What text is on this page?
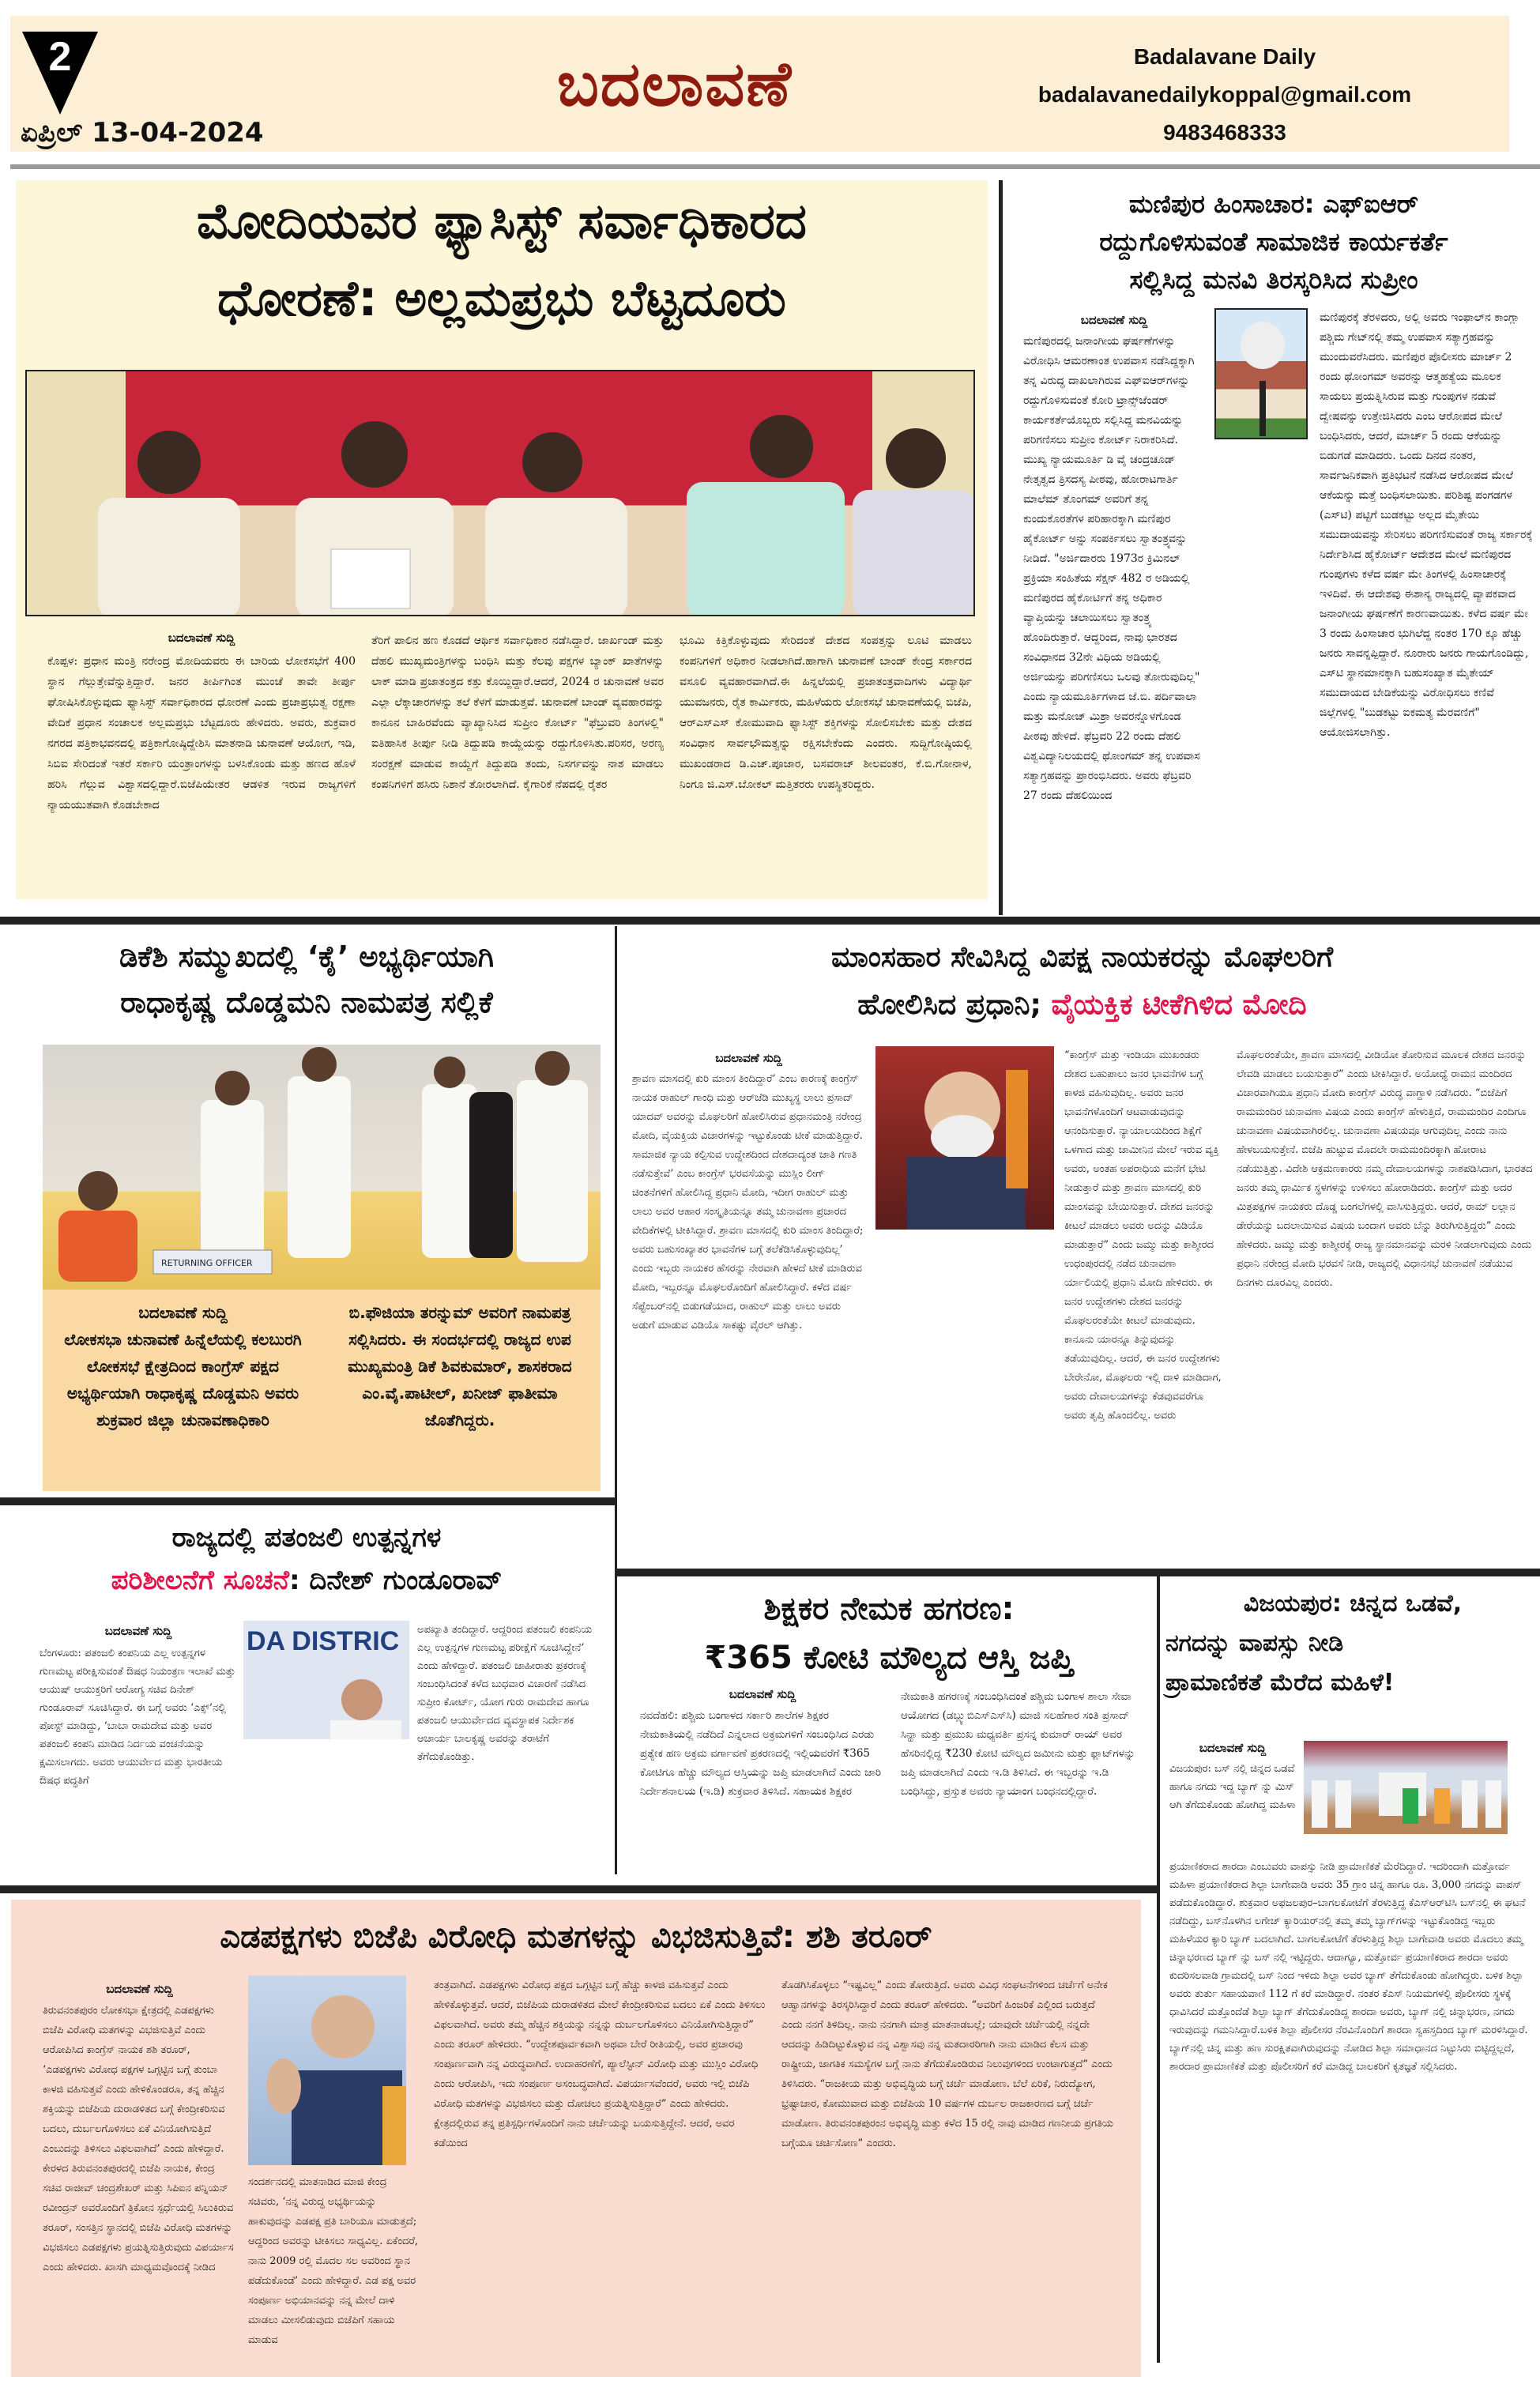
2
ಏಪ್ರಿಲ್ 13-04-2024
ಬದಲಾವಣೆ	Badalavane Daily
badalavanedailykoppal@gmail.com
9483468333
ಮೋದಿಯವರ ಫ್ಯಾಸಿಸ್ಟ್ ಸರ್ವಾಧಿಕಾರದ
ಧೋರಣೆ: ಅಲ್ಲಮಪ್ರಭು ಬೆಟ್ಟದೂರು
ಬದಲಾವಣೆ ಸುದ್ದಿ
ಕೊಪ್ಪಳ: ಪ್ರಧಾನ ಮಂತ್ರಿ ನರೇಂದ್ರ ಮೋದಿಯವರು ಈ ಬಾರಿಯ ಲೋಕಸಭೆಗೆ 400 ಸ್ಥಾನ ಗೆಲ್ಲುತ್ತೇವೆನ್ನುತ್ತಿದ್ದಾರೆ. ಜನರ ತೀರ್ಪಿಗಿಂತ ಮುಂಚೆ ತಾವೇ ತೀರ್ಪು ಘೋಷಿಸಿಕೊಳ್ಳುವುದು ಫ್ಯಾಸಿಸ್ಟ್ ಸರ್ವಾಧಿಕಾರದ ಧೋರಣೆ ಎಂದು ಪ್ರಜಾಪ್ರಭುತ್ವ ರಕ್ಷಣಾ ವೇದಿಕೆ ಪ್ರಧಾನ ಸಂಚಾಲಕ ಅಲ್ಲಮಪ್ರಭು ಬೆಟ್ಟದೂರು ಹೇಳಿದರು. ಅವರು, ಶುಕ್ರವಾರ ನಗರದ ಪತ್ರಿಕಾಭವನದಲ್ಲಿ ಪತ್ರಿಕಾಗೋಷ್ಠಿದ್ದೇಶಿಸಿ ಮಾತನಾಡಿ ಚುನಾವಣೆ ಆಯೋಗ, ಇಡಿ, ಸಿಬಿಐ ಸೇರಿದಂತೆ ಇತರೆ ಸರ್ಕಾರಿ ಯಂತ್ರಾಂಗಳನ್ನು ಬಳಸಿಕೊಂಡು ಮತ್ತು ಹಣದ ಹೊಳೆ ಹರಿಸಿ ಗೆಲ್ಲುವ ವಿಶ್ವಾಸದಲ್ಲಿದ್ದಾರೆ.ಬಿಜೆಪಿಯೇತರ ಆಡಳಿತ ಇರುವ ರಾಜ್ಯಗಳಿಗೆ ನ್ಯಾಯಯುತವಾಗಿ ಕೊಡಬೇಕಾದ
ತೆರಿಗೆ ಪಾಲಿನ ಹಣ ಕೊಡದೆ ಆರ್ಥಿಕ ಸರ್ವಾಧಿಕಾರ ನಡೆಸಿದ್ದಾರೆ. ಜಾರ್ಖಂಡ್ ಮತ್ತು ದೆಹಲಿ ಮುಖ್ಯಮಂತ್ರಿಗಳನ್ನು ಬಂಧಿಸಿ ಮತ್ತು ಕೆಲವು ಪಕ್ಷಗಳ ಬ್ಯಾಂಕ್ ಖಾತೆಗಳನ್ನು ಲಾಕ್ ಮಾಡಿ ಪ್ರಜಾತಂತ್ರದ ಕತ್ತು ಕೊಯ್ದಿದ್ದಾರೆ.ಆದರೆ, 2024 ರ ಚುನಾವಣೆ ಅವರ ಎಲ್ಲಾ ಲೆಕ್ಕಾಚಾರಗಳನ್ನು ತಲೆ ಕೆಳಗೆ ಮಾಡುತ್ತವೆ. ಚುನಾವಣೆ ಬಾಂಡ್ ವ್ಯವಹಾರವನ್ನು ಕಾನೂನ ಬಾಹಿರವೆಂದು ವ್ಯಾಖ್ಯಾನಿಸಿದ ಸುಪ್ರೀಂ ಕೋರ್ಟ್ "ಫೆಬ್ರುವರಿ ತಿಂಗಳಲ್ಲಿ" ಐತಿಹಾಸಿಕ ತೀರ್ಪು ನೀಡಿ ತಿದ್ದುಪಡಿ ಕಾಯ್ದೆಯನ್ನು ರದ್ದುಗೊಳಿಸಿತು.ಪರಿಸರ, ಅರಣ್ಯ ಸಂರಕ್ಷಣೆ ಮಾಡುವ ಕಾಯ್ದೆಗೆ ತಿದ್ದುಪಡಿ ತಂದು, ನಿಸರ್ಗವನ್ನು ನಾಶ ಮಾಡಲು ಕಂಪನಿಗಳಿಗೆ ಹಸಿರು ನಿಶಾನೆ ತೋರಲಾಗಿದೆ. ಕೈಗಾರಿಕೆ ನೆಪದಲ್ಲಿ ರೈತರ
ಭೂಮಿ ಕಿತ್ತಿಕೊಳ್ಳುವುದು ಸೇರಿದಂತೆ ದೇಶದ ಸಂಪತ್ತನ್ನು ಲೂಟಿ ಮಾಡಲು ಕಂಪನಿಗಳಿಗೆ ಅಧಿಕಾರ ನೀಡಲಾಗಿದೆ.ಹಾಗಾಗಿ ಚುನಾವಣೆ ಬಾಂಡ್ ಕೇಂದ್ರ ಸರ್ಕಾರದ ವಸೂಲಿ ವ್ಯವಹಾರವಾಗಿದೆ.ಈ ಹಿನ್ನಲೆಯಲ್ಲಿ ಪ್ರಜಾತಂತ್ರವಾದಿಗಳು ವಿದ್ಯಾರ್ಥಿ ಯುವಜನರು, ರೈತ ಕಾರ್ಮಿಕರು, ಮಹಿಳೆಯರು ಲೋಕಸಭೆ ಚುನಾವಣೆಯಲ್ಲಿ ಬಿಜೆಪಿ, ಆರ್‌ಎಸ್‌ಎಸ್ ಕೋಮುವಾದಿ ಫ್ಯಾಸಿಸ್ಟ್ ಶಕ್ತಿಗಳನ್ನು ಸೋಲಿಸಬೇಕು ಮತ್ತು ದೇಶದ ಸಂವಿಧಾನ ಸಾರ್ವಭೌಮತ್ವನ್ನು ರಕ್ಷಿಸಬೇಕೆಂದು ಎಂದರು. ಸುದ್ದಿಗೋಷ್ಠಿಯಲ್ಲಿ ಮುಖಂಡರಾದ ಡಿ.ಎಚ್.ಪೂಜಾರ, ಬಸವರಾಜ್ ಶೀಲವಂತರ, ಕೆ.ಬಿ.ಗೋನಾಳ, ನಿಂಗೂ ಜಿ.ಎಸ್.ಬೋಕಲ್ ಮತ್ತಿತರರು ಉಪಸ್ಥಿತರಿದ್ದರು.
ಮಣಿಪುರ ಹಿಂಸಾಚಾರ: ಎಫ್ಐಆರ್
ರದ್ದುಗೊಳಿಸುವಂತೆ ಸಾಮಾಜಿಕ ಕಾರ್ಯಕರ್ತೆ
ಸಲ್ಲಿಸಿದ್ದ ಮನವಿ ತಿರಸ್ಕರಿಸಿದ ಸುಪ್ರೀಂ
ಬದಲಾವಣೆ ಸುದ್ದಿ
ಮಣಿಪುರದಲ್ಲಿ ಜನಾಂಗೀಯ ಘರ್ಷಣೆಗಳನ್ನು ವಿರೋಧಿಸಿ ಆಮರಣಾಂತ ಉಪವಾಸ ನಡೆಸಿದ್ದಕ್ಕಾಗಿ ತನ್ನ ವಿರುದ್ಧ ದಾಖಲಾಗಿರುವ ಎಫ್‌ಐಆರ್‌ಗಳನ್ನು ರದ್ದುಗೊಳಿಸುವಂತೆ ಕೋರಿ ಟ್ರಾನ್ಸ್‌ಜೆಂಡರ್ ಕಾರ್ಯಕರ್ತೆಯೊಬ್ಬರು ಸಲ್ಲಿಸಿದ್ದ ಮನವಿಯನ್ನು ಪರಿಗಣಿಸಲು ಸುಪ್ರೀಂ ಕೋರ್ಟ್ ನಿರಾಕರಿಸಿದೆ. ಮುಖ್ಯ ನ್ಯಾಯಮೂರ್ತಿ ಡಿ ವೈ ಚಂದ್ರಚೂಡ್ ನೇತೃತ್ವದ ತ್ರಿಸದಸ್ಯ ಪೀಠವು, ಹೋರಾಟಗಾರ್ತಿ ಮಾಲೆಮ್ ತೊಂಗಮ್ ಅವರಿಗೆ ತನ್ನ ಕುಂದುಕೊರತೆಗಳ ಪರಿಹಾರಕ್ಕಾಗಿ ಮಣಿಪುರ ಹೈಕೋರ್ಟ್ ಅನ್ನು ಸಂಪರ್ಕಿಸಲು ಸ್ವಾತಂತ್ರ್ಯವನ್ನು ನೀಡಿದೆ. "ಅರ್ಜಿದಾರರು 1973ರ ಕ್ರಿಮಿನಲ್ ಪ್ರಕ್ರಿಯಾ ಸಂಹಿತೆಯ ಸೆಕ್ಷನ್ 482 ರ ಅಡಿಯಲ್ಲಿ ಮಣಿಪುರದ ಹೈಕೋರ್ಟಿಗೆ ತನ್ನ ಅಧಿಕಾರ ವ್ಯಾಪ್ತಿಯನ್ನು ಚಲಾಯಿಸಲು ಸ್ವಾತಂತ್ರ್ಯ ಹೊಂದಿರುತ್ತಾರೆ. ಆದ್ದರಿಂದ, ನಾವು ಭಾರತದ ಸಂವಿಧಾನದ 32ನೇ ವಿಧಿಯ ಅಡಿಯಲ್ಲಿ ಅರ್ಜಿಯನ್ನು ಪರಿಗಣಿಸಲು ಒಲವು ತೋರುವುದಿಲ್ಲ" ಎಂದು ನ್ಯಾಯಮೂರ್ತಿಗಳಾದ ಜೆ.ಬಿ. ಪರ್ದಿವಾಲಾ ಮತ್ತು ಮನೋಜ್ ಮಿಶ್ರಾ ಅವರನ್ನೊಳಗೊಂಡ ಪೀಠವು ಹೇಳಿದೆ. ಫೆಬ್ರವರಿ 22 ರಂದು ದೆಹಲಿ ವಿಶ್ವವಿದ್ಯಾನಿಲಯದಲ್ಲಿ ಥೋಂಗಮ್ ತನ್ನ ಉಪವಾಸ ಸತ್ಯಾಗ್ರಹವನ್ನು ಪ್ರಾರಂಭಿಸಿದರು. ಅವರು ಫೆಬ್ರವರಿ 27 ರಂದು ದೆಹಲಿಯಿಂದ
ಮಣಿಪುರಕ್ಕೆ ತೆರಳಿದರು, ಅಲ್ಲಿ ಅವರು ಇಂಫಾಲ್‌ನ ಕಾಂಗ್ಲಾ ಪಶ್ಚಿಮ ಗೇಟ್‌ನಲ್ಲಿ ತಮ್ಮ ಉಪವಾಸ ಸತ್ಯಾಗ್ರಹವನ್ನು ಮುಂದುವರೆಸಿದರು. ಮಣಿಪುರ ಪೊಲೀಸರು ಮಾರ್ಚ್ 2 ರಂದು ಥೋಂಗಮ್ ಅವರನ್ನು ಆತ್ಮಹತ್ಯೆಯ ಮೂಲಕ ಸಾಯಲು ಪ್ರಯತ್ನಿಸಿರುವ ಮತ್ತು ಗುಂಪುಗಳ ನಡುವೆ ದ್ವೇಷವನ್ನು ಉತ್ತೇಜಿಸಿದರು ಎಂಬ ಆರೋಪದ ಮೇಲೆ ಬಂಧಿಸಿದರು, ಆದರೆ, ಮಾರ್ಚ್ 5 ರಂದು ಆಕೆಯನ್ನು ಬಿಡುಗಡೆ ಮಾಡಿದರು. ಒಂದು ದಿನದ ನಂತರ, ಸಾರ್ವಜನಿಕವಾಗಿ ಪ್ರತಿಭಟನೆ ನಡೆಸಿದ ಆರೋಪದ ಮೇಲೆ ಆಕೆಯನ್ನು ಮತ್ತೆ ಬಂಧಿಸಲಾಯಿತು. ಪರಿಶಿಷ್ಟ ಪಂಗಡಗಳ (ಎಸ್‌ಟಿ) ಪಟ್ಟಿಗೆ ಬುಡಕಟ್ಟು ಅಲ್ಲದ ಮೈತೇಯಿ ಸಮುದಾಯವನ್ನು ಸೇರಿಸಲು ಪರಿಗಣಿಸುವಂತೆ ರಾಜ್ಯ ಸರ್ಕಾರಕ್ಕೆ ನಿರ್ದೇಶಿಸಿದ ಹೈಕೋರ್ಟ್ ಆದೇಶದ ಮೇಲೆ ಮಣಿಪುರದ ಗುಂಪುಗಳು ಕಳೆದ ವರ್ಷ ಮೇ ತಿಂಗಳಲ್ಲಿ ಹಿಂಸಾಚಾರಕ್ಕೆ ಇಳಿದಿವೆ. ಈ ಆದೇಶವು ಈಶಾನ್ಯ ರಾಜ್ಯದಲ್ಲಿ ವ್ಯಾಪಕವಾದ ಜನಾಂಗೀಯ ಘರ್ಷಣೆಗೆ ಕಾರಣವಾಯಿತು. ಕಳೆದ ವರ್ಷ ಮೇ 3 ರಂದು ಹಿಂಸಾಚಾರ ಭುಗಿಲೆದ್ದ ನಂತರ 170 ಕ್ಕೂ ಹೆಚ್ಚು ಜನರು ಸಾವನ್ನಪ್ಪಿದ್ದಾರೆ. ನೂರಾರು ಜನರು ಗಾಯಗೊಂಡಿದ್ದು, ಎಸ್‌ಟಿ ಸ್ಥಾನಮಾನಕ್ಕಾಗಿ ಬಹುಸಂಖ್ಯಾತ ಮೈತೇಯ್ ಸಮುದಾಯದ ಬೇಡಿಕೆಯನ್ನು ವಿರೋಧಿಸಲು ಕಣಿವೆ ಜಿಲ್ಲೆಗಳಲ್ಲಿ "ಬುಡಕಟ್ಟು ಐಕಮತ್ಯ ಮೆರವಣಿಗೆ" ಆಯೋಜಿಸಲಾಗಿತ್ತು.
ಡಿಕೆಶಿ ಸಮ್ಮುಖದಲ್ಲಿ ‘ಕೈ’ ಅಭ್ಯರ್ಥಿಯಾಗಿ
ರಾಧಾಕೃಷ್ಣ ದೊಡ್ಡಮನಿ ನಾಮಪತ್ರ ಸಲ್ಲಿಕೆ
RETURNING OFFICER
ಬದಲಾವಣೆ ಸುದ್ದಿ
ಲೋಕಸಭಾ ಚುನಾವಣೆ ಹಿನ್ನೆಲೆಯಲ್ಲಿ ಕಲಬುರಗಿ ಲೋಕಸಭೆ ಕ್ಷೇತ್ರದಿಂದ ಕಾಂಗ್ರೆಸ್ ಪಕ್ಷದ ಅಭ್ಯರ್ಥಿಯಾಗಿ ರಾಧಾಕೃಷ್ಣ ದೊಡ್ಡಮನಿ ಅವರು ಶುಕ್ರವಾರ ಜಿಲ್ಲಾ ಚುನಾವಣಾಧಿಕಾರಿ
ಬಿ.ಫೌಜಿಯಾ ತರನ್ನುಮ್ ಅವರಿಗೆ ನಾಮಪತ್ರ ಸಲ್ಲಿಸಿದರು. ಈ ಸಂದರ್ಭದಲ್ಲಿ ರಾಜ್ಯದ ಉಪ ಮುಖ್ಯಮಂತ್ರಿ ಡಿಕೆ ಶಿವಕುಮಾರ್, ಶಾಸಕರಾದ ಎಂ.ವೈ.ಪಾಟೀಲ್, ಖನೀಜ್ ಫಾತೀಮಾ ಜೊತೆಗಿದ್ದರು.
ಮಾಂಸಹಾರ ಸೇವಿಸಿದ್ದ ವಿಪಕ್ಷ ನಾಯಕರನ್ನು ಮೊಘಲರಿಗೆ
ಹೋಲಿಸಿದ ಪ್ರಧಾನಿ; ವೈಯಕ್ತಿಕ ಟೀಕೆಗಿಳಿದ ಮೋದಿ
ಬದಲಾವಣೆ ಸುದ್ದಿ
ಶ್ರಾವಣ ಮಾಸದಲ್ಲಿ ಕುರಿ ಮಾಂಸ ತಿಂದಿದ್ದಾರೆ’ ಎಂಬ ಕಾರಣಕ್ಕೆ ಕಾಂಗ್ರೆಸ್ ನಾಯಕ ರಾಹುಲ್ ಗಾಂಧಿ ಮತ್ತು ಆರ್‌ಜೆಡಿ ಮುಖ್ಯಸ್ಥ ಲಾಲು ಪ್ರಸಾದ್ ಯಾದವ್ ಅವರನ್ನು ಮೊಘಲರಿಗೆ ಹೋಲಿಸಿರುವ ಪ್ರಧಾನಮಂತ್ರಿ ನರೇಂದ್ರ ಮೋದಿ, ವೈಯಕ್ತಿಯ ವಿಚಾರಗಳನ್ನು ಇಟ್ಟುಕೊಂಡು ಟೀಕೆ ಮಾಡುತ್ತಿದ್ದಾರೆ. ಸಾಮಾಜಿಕ ನ್ಯಾಯ ಕಲ್ಪಿಸುವ ಉದ್ದೇಶದಿಂದ ದೇಶದಾದ್ಯಂತ ಜಾತಿ ಗಣತಿ ನಡೆಸುತ್ತೇವೆ’ ಎಂಬ ಕಾಂಗ್ರೆಸ್ ಭರವಸೆಯನ್ನು ಮುಸ್ಲಿಂ ಲೀಗ್ ಚಿಂತನೆಗಳಿಗೆ ಹೋಲಿಸಿದ್ದ ಪ್ರಧಾನಿ ಮೋದಿ, ಇದೀಗ ರಾಹುಲ್ ಮತ್ತು ಲಾಲು ಅವರ ಆಹಾರ ಸಂಸ್ಕೃತಿಯನ್ನೂ ತಮ್ಮ ಚುನಾವಣಾ ಪ್ರಚಾರದ ವೇದಿಕೆಗಳಲ್ಲಿ ಟೀಕಿಸಿದ್ದಾರೆ. ಶ್ರಾವಣ ಮಾಸದಲ್ಲಿ ಕುರಿ ಮಾಂಸ ತಿಂದಿದ್ದಾರೆ; ಅವರು ಬಹುಸಂಖ್ಯಾತರ ಭಾವನೆಗಳ ಬಗ್ಗೆ ತಲೆಕೆಡಿಸಿಕೊಳ್ಳುವುದಿಲ್ಲ’ ಎಂದು ಇಬ್ಬರು ನಾಯಕರ ಹೆಸರನ್ನು ನೇರವಾಗಿ ಹೇಳದೆ ಟೀಕೆ ಮಾಡಿರುವ ಮೋದಿ, ಇಬ್ಬರನ್ನೂ ಮೊಘಲರೊಂದಿಗೆ ಹೋಲಿಸಿದ್ದಾರೆ. ಕಳೆದ ವರ್ಷ ಸೆಪ್ಟೆಂಬರ್‌ನಲ್ಲಿ ಬಿಡುಗಡೆಯಾದ, ರಾಹುಲ್ ಮತ್ತು ಲಾಲು ಅವರು ಅಡುಗೆ ಮಾಡುವ ವಿಡಿಯೊ ಸಾಕಷ್ಟು ವೈರಲ್ ಆಗಿತ್ತು.
“ಕಾಂಗ್ರೆಸ್ ಮತ್ತು ಇಂಡಿಯಾ ಮುಖಂಡರು ದೇಶದ ಬಹುಪಾಲು ಜನರ ಭಾವನೆಗಳ ಬಗ್ಗೆ ಕಾಳಜಿ ವಹಿಸುವುದಿಲ್ಲ. ಅವರು ಜನರ ಭಾವನೆಗಳೊಂದಿಗೆ ಆಟವಾಡುವುದನ್ನು ಆನಂದಿಸುತ್ತಾರೆ. ನ್ಯಾಯಾಲಯದಿಂದ ಶಿಕ್ಷೆಗೆ ಒಳಗಾದ ಮತ್ತು ಜಾಮೀನಿನ ಮೇಲೆ ಇರುವ ವ್ಯಕ್ತಿ ಅವರು, ಅಂತಹ ಅಪರಾಧಿಯ ಮನೆಗೆ ಭೇಟಿ ನೀಡುತ್ತಾರೆ ಮತ್ತು ಶ್ರಾವಣ ಮಾಸದಲ್ಲಿ ಕುರಿ ಮಾಂಸವನ್ನು ಬೇಯಿಸುತ್ತಾರೆ. ದೇಶದ ಜನರನ್ನು ಕೀಟಲೆ ಮಾಡಲು ಅವರು ಅದನ್ನು ವಿಡಿಯೊ ಮಾಡುತ್ತಾರೆ” ಎಂದು ಜಮ್ಮು ಮತ್ತು ಕಾಶ್ಮೀರದ ಉಧಂಪುರದಲ್ಲಿ ನಡೆದ ಚುನಾವಣಾ ರ್ಯಾಲಿಯಲ್ಲಿ ಪ್ರಧಾನಿ ಮೋದಿ ಹೇಳಿದರು. ಈ ಜನರ ಉದ್ದೇಶಗಳು ದೇಶದ ಜನರನ್ನು ಮೊಘಲರಂತೆಯೇ ಕೀಟಲೆ ಮಾಡುವುದು. ಕಾನೂನು ಯಾರನ್ನೂ ತಿನ್ನುವುದನ್ನು ತಡೆಯುವುದಿಲ್ಲ. ಆದರೆ, ಈ ಜನರ ಉದ್ದೇಶಗಳು ಬೇರೇನೋ, ಮೊಘಲರು ಇಲ್ಲಿ ದಾಳಿ ಮಾಡಿದಾಗ, ಅವರು ದೇವಾಲಯಗಳನ್ನು ಕೆಡವುವವರೆಗೂ ಅವರು ತೃಪ್ತಿ ಹೊಂದಲಿಲ್ಲ. ಅವರು
ಮೊಘಲರಂತೆಯೇ, ಶ್ರಾವಣ ಮಾಸದಲ್ಲಿ ವೀಡಿಯೋ ತೋರಿಸುವ ಮೂಲಕ ದೇಶದ ಜನರನ್ನು ಲೇವಡಿ ಮಾಡಲು ಬಯಸುತ್ತಾರೆ” ಎಂದು ಟೀಕಿಸಿದ್ದಾರೆ. ಅಯೋಧ್ಯೆ ರಾಮನ ಮಂದಿರದ ವಿಚಾರವಾಗಿಯೂ ಪ್ರಧಾನಿ ಮೋದಿ ಕಾಂಗ್ರೆಸ್ ವಿರುದ್ಧ ವಾಗ್ದಾಳಿ ನಡೆಸಿದರು. “ಬಿಜೆಪಿಗೆ ರಾಮಮಂದಿರ ಚುನಾವಣಾ ವಿಷಯ ಎಂದು ಕಾಂಗ್ರೆಸ್ ಹೇಳುತ್ತಿದೆ, ರಾಮಮಂದಿರ ಎಂದಿಗೂ ಚುನಾವಣಾ ವಿಷಯವಾಗಿರಲಿಲ್ಲ. ಚುನಾವಣಾ ವಿಷಯವೂ ಆಗುವುದಿಲ್ಲ ಎಂದು ನಾನು ಹೇಳಬಯಸುತ್ತೇನೆ. ಬಿಜೆಪಿ ಹುಟ್ಟುವ ಮೊದಲೇ ರಾಮಮಂದಿರಕ್ಕಾಗಿ ಹೋರಾಟ ನಡೆಯುತ್ತಿತ್ತು. ವಿದೇಶಿ ಆಕ್ರಮಣಕಾರರು ನಮ್ಮ ದೇವಾಲಯಗಳನ್ನು ನಾಶಪಡಿಸಿದಾಗ, ಭಾರತದ ಜನರು ತಮ್ಮ ಧಾರ್ಮಿಕ ಸ್ಥಳಗಳನ್ನು ಉಳಿಸಲು ಹೋರಾಡಿದರು. ಕಾಂಗ್ರೆಸ್ ಮತ್ತು ಅದರ ಮಿತ್ರಪಕ್ಷಗಳ ನಾಯಕರು ದೊಡ್ಡ ಬಂಗಲೆಗಳಲ್ಲಿ ವಾಸಿಸುತ್ತಿದ್ದರು. ಆದರೆ, ರಾಮ್ ಲಲ್ಲಾನ ಡೇರೆಯನ್ನು ಬದಲಾಯಿಸುವ ವಿಷಯ ಬಂದಾಗ ಅವರು ಬೆನ್ನು ತಿರುಗಿಸುತ್ತಿದ್ದರು” ಎಂದು ಹೇಳಿದರು. ಜಮ್ಮು ಮತ್ತು ಕಾಶ್ಮೀರಕ್ಕೆ ರಾಜ್ಯ ಸ್ಥಾನಮಾನವನ್ನು ಮರಳಿ ನೀಡಲಾಗುವುದು ಎಂದು ಪ್ರಧಾನಿ ನರೇಂದ್ರ ಮೋದಿ ಭರವಸೆ ನೀಡಿ, ರಾಜ್ಯದಲ್ಲಿ ವಿಧಾನಸಭೆ ಚುನಾವಣೆ ನಡೆಯುವ ದಿನಗಳು ದೂರವಿಲ್ಲ ಎಂದರು.
ರಾಜ್ಯದಲ್ಲಿ ಪತಂಜಲಿ ಉತ್ಪನ್ನಗಳ
ಪರಿಶೀಲನೆಗೆ ಸೂಚನೆ: ದಿನೇಶ್ ಗುಂಡೂರಾವ್
DA DISTRIC
ಬದಲಾವಣೆ ಸುದ್ದಿ
ಬೆಂಗಳೂರು: ಪತಂಜಲಿ ಕಂಪನಿಯ ಎಲ್ಲ ಉತ್ಪನ್ನಗಳ ಗುಣಮಟ್ಟ ಪರೀಕ್ಷಿಸುವಂತೆ ಔಷಧ ನಿಯಂತ್ರಣ ಇಲಾಖೆ ಮತ್ತು ಆಯುಷ್ ಆಯುಕ್ತರಿಗೆ ಆರೋಗ್ಯ ಸಚಿವ ದಿನೇಶ್ ಗುಂಡೂರಾವ್ ಸೂಚಿಸಿದ್ದಾರೆ. ಈ ಬಗ್ಗೆ ಅವರು ‘ಎಕ್ಸ್’ನಲ್ಲಿ ಪೋಸ್ಟ್ ಮಾಡಿದ್ದು, ‘ಬಾಬಾ ರಾಮದೇವ ಮತ್ತು ಅವರ ಪತಂಜಲಿ ಕಂಪನಿ ಮಾಡಿದ ನಿರ್ದಯ ವಂಚನೆಯನ್ನು ಕ್ಷಮಿಸಲಾಗದು. ಅವರು ಆಯುರ್ವೇದ ಮತ್ತು ಭಾರತೀಯ ಔಷಧ ಪದ್ಧತಿಗೆ
ಅಪಖ್ಯಾತಿ ತಂದಿದ್ದಾರೆ. ಆದ್ದರಿಂದ ಪತಂಜಲಿ ಕಂಪನಿಯ ಎಲ್ಲ ಉತ್ಪನ್ನಗಳ ಗುಣಮಟ್ಟ ಪರೀಕ್ಷೆಗೆ ಸೂಚಿಸಿದ್ದೇನೆ’ ಎಂದು ಹೇಳಿದ್ದಾರೆ. ಪತಂಜಲಿ ಜಾಹೀರಾತು ಪ್ರಕರಣಕ್ಕೆ ಸಂಬಂಧಿಸಿದಂತೆ ಕಳೆದ ಬುಧವಾರ ವಿಚಾರಣೆ ನಡೆಸಿದ ಸುಪ್ರೀಂ ಕೋರ್ಟ್, ಯೋಗ ಗುರು ರಾಮದೇವ ಹಾಗೂ ಪತಂಜಲಿ ಆಯುರ್ವೇದದ ವ್ಯವಸ್ಥಾಪಕ ನಿರ್ದೇಶಕ ಆಚಾರ್ಯ ಬಾಲಕೃಷ್ಣ ಅವರನ್ನು ತರಾಟೆಗೆ ತೆಗೆದುಕೊಂಡಿತ್ತು.
ಶಿಕ್ಷಕರ ನೇಮಕ ಹಗರಣ:
₹365 ಕೋಟಿ ಮೌಲ್ಯದ ಆಸ್ತಿ ಜಪ್ತಿ
ಬದಲಾವಣೆ ಸುದ್ದಿ
ನವದೆಹಲಿ: ಪಶ್ಚಿಮ ಬಂಗಾಳದ ಸರ್ಕಾರಿ ಶಾಲೆಗಳ ಶಿಕ್ಷಕರ ನೇಮಕಾತಿಯಲ್ಲಿ ನಡೆದಿದೆ ಎನ್ನಲಾದ ಅಕ್ರಮಗಳಿಗೆ ಸಂಬಂಧಿಸಿದ ಎರಡು ಪ್ರತ್ಯೇಕ ಹಣ ಅಕ್ರಮ ವರ್ಗಾವಣೆ ಪ್ರಕರಣದಲ್ಲಿ ಇಲ್ಲಿಯವರೆಗೆ ₹365 ಕೋಟಿಗೂ ಹೆಚ್ಚು ಮೌಲ್ಯದ ಆಸ್ತಿಯನ್ನು ಜಪ್ತಿ ಮಾಡಲಾಗಿದೆ ಎಂದು ಜಾರಿ ನಿರ್ದೇಶನಾಲಯ (ಇ.ಡಿ) ಶುಕ್ರವಾರ ತಿಳಿಸಿದೆ. ಸಹಾಯಕ ಶಿಕ್ಷಕರ
ನೇಮಕಾತಿ ಹಗರಣಕ್ಕೆ ಸಂಬಂಧಿಸಿದಂತೆ ಪಶ್ಚಿಮ ಬಂಗಾಳ ಶಾಲಾ ಸೇವಾ ಆಯೋಗದ (ಡಬ್ಲ್ಯುಬಿಎಸ್‌ಎಸ್‌ಸಿ) ಮಾಜಿ ಸಲಹೆಗಾರ ಸಂತಿ ಪ್ರಸಾದ್ ಸಿನ್ಹಾ ಮತ್ತು ಪ್ರಮುಖ ಮಧ್ಯವರ್ತಿ ಪ್ರಸನ್ನ ಕುಮಾರ್ ರಾಯ್ ಅವರ ಹೆಸರಿನಲ್ಲಿದ್ದ ₹230 ಕೋಟಿ ಮೌಲ್ಯದ ಜಮೀನು ಮತ್ತು ಫ್ಲಾಟ್‌ಗಳನ್ನು ಜಪ್ತಿ ಮಾಡಲಾಗಿದೆ ಎಂದು ಇ.ಡಿ ತಿಳಿಸಿದೆ. ಈ ಇಬ್ಬರನ್ನು ಇ.ಡಿ ಬಂಧಿಸಿದ್ದು, ಪ್ರಸ್ತುತ ಅವರು ನ್ಯಾಯಾಂಗ ಬಂಧನದಲ್ಲಿದ್ದಾರೆ.
ವಿಜಯಪುರ: ಚಿನ್ನದ ಒಡವೆ,
ನಗದನ್ನು ವಾಪಸ್ಸು ನೀಡಿ
ಪ್ರಾಮಾಣಿಕತೆ ಮೆರೆದ ಮಹಿಳೆ!
ಬದಲಾವಣೆ ಸುದ್ದಿ
ವಿಜಯಪುರ: ಬಸ್ ನಲ್ಲಿ ಚಿನ್ನದ ಒಡವೆ ಹಾಗೂ ನಗದು ಇದ್ದ ಬ್ಯಾಗ್ ನ್ನು ಮಿಸ್ ಆಗಿ ತೆಗೆದುಕೊಂಡು ಹೋಗಿದ್ದ ಮಹಿಳಾ
ಪ್ರಯಾಣಿಕರಾದ ಶಾರದಾ ಎಂಬುವರು ವಾಪಸ್ಸು ನೀಡಿ ಪ್ರಾಮಾಣಿಕತೆ ಮೆರೆದಿದ್ದಾರೆ. ಇದರಿಂದಾಗಿ ಮತ್ತೋರ್ವ ಮಹಿಳಾ ಪ್ರಯಾಣಿಕರಾದ ಶಿಲ್ಪಾ ಬಾಗೇವಾಡಿ ಅವರು 35 ಗ್ರಾಂ ಚಿನ್ನ ಹಾಗೂ ರೂ. 3,000 ನಗದನ್ನು ವಾಪಸ್ ಪಡೆದುಕೊಂಡಿದ್ದಾರೆ. ಶುಕ್ರವಾರ ಅಫಜಲಪುರ–ಬಾಗಲಕೋಟೆಗೆ ತೆರಳುತ್ತಿದ್ದ ಕೆಎಸ್‌ಆರ್‌ಟಿಸಿ ಬಸ್‌ನಲ್ಲಿ ಈ ಘಟನೆ ನಡೆದಿದ್ದು, ಬಸ್‌ನೊಳಗಿನ ಲಗೇಜ್ ಕ್ಯಾರಿಯರ್‌ನಲ್ಲಿ ತಮ್ಮ ತಮ್ಮ ಬ್ಯಾಗ್‌ಗಳನ್ನು ಇಟ್ಟುಕೊಂಡಿದ್ದ ಇಬ್ಬರು ಮಹಿಳೆಯರ ಕ್ಯಾರಿ ಬ್ಯಾಗ್ ಬದಲಾಗಿದೆ. ಬಾಗಲಕೋಟೆಗೆ ತೆರಳುತ್ತಿದ್ದ ಶಿಲ್ಪಾ ಬಾಗೇವಾಡಿ ಅವರು ಮೊದಲು ತಮ್ಮ ಚಿನ್ನಾಭರಣದ ಬ್ಯಾಗ್ ನ್ನು ಬಸ್ ನಲ್ಲಿ ಇಟ್ಟಿದ್ದರು. ಆದಾಗ್ಯೂ, ಮತ್ತೋರ್ವ ಪ್ರಯಾಣಿಕರಾದ ಶಾರದಾ ಅವರು ಕುದರಿಸಲವಾಡಿ ಗ್ರಾಮದಲ್ಲಿ ಬಸ್ ನಿಂದ ಇಳಿದು ಶಿಲ್ಪಾ ಅವರ ಬ್ಯಾಗ್ ತೆಗೆದುಕೊಂಡು ಹೋಗಿದ್ದರು. ಬಳಿಕ ಶಿಲ್ಪಾ ಅವರು ತುರ್ತು ಸಹಾಯವಾಣಿ 112 ಗೆ ಕರೆ ಮಾಡಿದ್ದಾರೆ. ನಂತರ ಕೆಎಸ್ ನಿಯಮಗಳಲ್ಲಿ ಪೊಲೀಸರು ಸ್ಥಳಕ್ಕೆ ಧಾವಿಸಿದರೆ ಮತ್ತೊಂದೆಡೆ ಶಿಲ್ಪಾ ಬ್ಯಾಗ್ ತೆಗೆದುಕೊಂಡಿದ್ದ ಶಾರದಾ ಅವರು, ಬ್ಯಾಗ್ ನಲ್ಲಿ ಚಿನ್ನಾಭರಣ, ನಗದು ಇರುವುದನ್ನು ಗಮನಿಸಿದ್ದಾರೆ.ಬಳಿಕ ಶಿಲ್ಪಾ ಪೊಲೀಸರ ನೆರವಿನೊಂದಿಗೆ ಶಾರದಾ ಸ್ವಹಸ್ತದಿಂದ ಬ್ಯಾಗ್ ಮರಳಿಸಿದ್ದಾರೆ. ಬ್ಯಾಗ್‌ನಲ್ಲಿ ಚಿನ್ನ ಮತ್ತು ಹಣ ಸುರಕ್ಷಿತವಾಗಿರುವುದನ್ನು ನೋಡಿದ ಶಿಲ್ಪಾ ಸಮಾಧಾನದ ನಿಟ್ಟುಸಿರು ಬಿಟ್ಟಿದ್ದಲ್ಲದೆ, ಶಾರದಾರ ಪ್ರಾಮಾಣಿಕತೆ ಮತ್ತು ಪೊಲೀಸರಿಗೆ ಕರೆ ಮಾಡಿದ್ದ ಬಾಲಕರಿಗೆ ಕೃತಜ್ಞತೆ ಸಲ್ಲಿಸಿದರು.
ಎಡಪಕ್ಷಗಳು ಬಿಜೆಪಿ ವಿರೋಧಿ ಮತಗಳನ್ನು ವಿಭಜಿಸುತ್ತಿವೆ: ಶಶಿ ತರೂರ್
ಬದಲಾವಣೆ ಸುದ್ದಿ
ತಿರುವನಂತಪುರಂ ಲೋಕಸಭಾ ಕ್ಷೇತ್ರದಲ್ಲಿ ಎಡಪಕ್ಷಗಳು ಬಿಜೆಪಿ ವಿರೋಧಿ ಮತಗಳನ್ನು ವಿಭಜಿಸುತ್ತಿವೆ ಎಂದು ಆರೋಪಿಸಿದ ಕಾಂಗ್ರೆಸ್ ನಾಯಕ ಶಶಿ ತರೂರ್, ‘ಎಡಪಕ್ಷಗಳು ವಿರೋಧ ಪಕ್ಷಗಳ ಒಗ್ಗಟ್ಟಿನ ಬಗ್ಗೆ ತುಂಬಾ ಕಾಳಜಿ ವಹಿಸುತ್ತವೆ ಎಂದು ಹೇಳಿಕೊಂಡರೂ, ತನ್ನ ಹೆಚ್ಚಿನ ಶಕ್ತಿಯನ್ನು ಬಿಜೆಪಿಯ ದುರಾಡಳಿತದ ಬಗ್ಗೆ ಕೇಂದ್ರೀಕರಿಸುವ ಬದಲು, ದುರ್ಬಲಗೊಳಿಸಲು ಏಕೆ ವಿನಿಯೋಗಿಸುತ್ತಿದೆ ಎಂಬುದನ್ನು ತಿಳಿಸಲು ವಿಫಲವಾಗಿದೆ’ ಎಂದು ಹೇಳಿದ್ದಾರೆ. ಕೇರಳದ ತಿರುವನಂತಪುರದಲ್ಲಿ ಬಿಜೆಪಿ ನಾಯಕ, ಕೇಂದ್ರ ಸಚಿವ ರಾಜೀವ್ ಚಂದ್ರಶೇಖರ್ ಮತ್ತು ಸಿಪಿಐನ ಪನ್ನಿಯನ್ ರವೀಂದ್ರನ್ ಅವರೊಂದಿಗೆ ತ್ರಿಕೋನ ಸ್ಪರ್ಧೆಯಲ್ಲಿ ಸಿಲುಕಿರುವ ತರೂರ್, ಸಂಸತ್ತಿನ ಸ್ಥಾನದಲ್ಲಿ ಬಿಜೆಪಿ ವಿರೋಧಿ ಮತಗಳನ್ನು ವಿಭಜಿಸಲು ಎಡಪಕ್ಷಗಳು ಪ್ರಯತ್ನಿಸುತ್ತಿರುವುದು ವಿಪರ್ಯಾಸ ಎಂದು ಹೇಳಿದರು. ಖಾಸಗಿ ಮಾಧ್ಯಮವೊಂದಕ್ಕೆ ನೀಡಿದ
ಸಂದರ್ಶನದಲ್ಲಿ ಮಾತನಾಡಿದ ಮಾಜಿ ಕೇಂದ್ರ ಸಚಿವರು, ‘ನನ್ನ ವಿರುದ್ಧ ಅಭ್ಯರ್ಥಿಯನ್ನು ಹಾಕುವುದನ್ನು ಎಡಪಕ್ಷ ಪ್ರತಿ ಬಾರಿಯೂ ಮಾಡುತ್ತದೆ; ಆದ್ದರಿಂದ ಅವರನ್ನು ಟೀಕಿಸಲು ಸಾಧ್ಯವಿಲ್ಲ. ಏಕೆಂದರೆ, ನಾನು 2009 ರಲ್ಲಿ ಮೊದಲ ಸಲ ಅವರಿಂದ ಸ್ಥಾನ ಪಡೆದುಕೊಂಡೆ’ ಎಂದು ಹೇಳಿದ್ದಾರೆ. ಎಡ ಪಕ್ಷ ಅವರ ಸಂಪೂರ್ಣ ಅಭಿಯಾನವನ್ನು ನನ್ನ ಮೇಲೆ ದಾಳಿ ಮಾಡಲು ಮೀಸಲಿಡುವುದು ಬಿಜೆಪಿಗೆ ಸಹಾಯ ಮಾಡುವ
ತಂತ್ರವಾಗಿದೆ. ಎಡಪಕ್ಷಗಳು ವಿರೋಧ ಪಕ್ಷದ ಒಗ್ಗಟ್ಟಿನ ಬಗ್ಗೆ ಹೆಚ್ಚು ಕಾಳಜಿ ವಹಿಸುತ್ತವೆ ಎಂದು ಹೇಳಿಕೊಳ್ಳುತ್ತವೆ. ಆದರೆ, ಬಿಜೆಪಿಯ ದುರಾಡಳಿತದ ಮೇಲೆ ಕೇಂದ್ರೀಕರಿಸುವ ಬದಲು ಏಕೆ ಎಂದು ತಿಳಿಸಲು ವಿಫಲವಾಗಿದೆ. ಅವರು ತಮ್ಮ ಹೆಚ್ಚಿನ ಶಕ್ತಿಯನ್ನು ನನ್ನನ್ನು ದುರ್ಬಲಗೊಳಿಸಲು ವಿನಿಯೋಗಿಸುತ್ತಿದ್ದಾರೆ” ಎಂದು ತರೂರ್ ಹೇಳಿದರು. “ಉದ್ದೇಶಪೂರ್ವಕವಾಗಿ ಅಥವಾ ಬೇರೆ ರೀತಿಯಲ್ಲಿ, ಅವರ ಪ್ರಚಾರವು ಸಂಪೂರ್ಣವಾಗಿ ನನ್ನ ವಿರುದ್ಧವಾಗಿದೆ. ಉದಾಹರಣೆಗೆ, ಪ್ಯಾಲೆಸ್ಟೀನ್ ವಿರೋಧಿ ಮತ್ತು ಮುಸ್ಲಿಂ ವಿರೋಧಿ ಎಂದು ಆರೋಪಿಸಿ, ಇದು ಸಂಪೂರ್ಣ ಅಸಂಬದ್ಧವಾಗಿದೆ. ವಿಪರ್ಯಾಸವೆಂದರೆ, ಅವರು ಇಲ್ಲಿ ಬಿಜೆಪಿ ವಿರೋಧಿ ಮತಗಳನ್ನು ವಿಭಜಿಸಲು ಮತ್ತು ದೋಚಲು ಪ್ರಯತ್ನಿಸುತ್ತಿದ್ದಾರೆ” ಎಂದು ಹೇಳಿದರು. ಕ್ಷೇತ್ರದಲ್ಲಿರುವ ತನ್ನ ಪ್ರತಿಸ್ಪರ್ಧಿಗಳೊಂದಿಗೆ ನಾನು ಚರ್ಚೆಯನ್ನು ಬಯಸುತ್ತಿದ್ದೇನೆ. ಆದರೆ, ಅವರ ಕಡೆಯಿಂದ
ತೊಡಗಿಸಿಕೊಳ್ಳಲು “ಇಷ್ಟವಿಲ್ಲ” ಎಂದು ತೋರುತ್ತಿದೆ. ಅವರು ವಿವಿಧ ಸಂಘಟನೆಗಳಿಂದ ಚರ್ಚೆಗೆ ಅನೇಕ ಆಹ್ವಾನಗಳನ್ನು ತಿರಸ್ಕರಿಸಿದ್ದಾರೆ ಎಂದು ತರೂರ್ ಹೇಳಿದರು. “ಅವರಿಗೆ ಹಿಂಜರಿಕೆ ಎಲ್ಲಿಂದ ಬರುತ್ತದೆ ಎಂದು ನನಗೆ ತಿಳಿದಿಲ್ಲ. ನಾನು ನನಗಾಗಿ ಮಾತ್ರ ಮಾತನಾಡಬಲ್ಲೆ; ಯಾವುದೇ ಚರ್ಚೆಯಲ್ಲಿ ನನ್ನದೇ ಆದದನ್ನು ಹಿಡಿದಿಟ್ಟುಕೊಳ್ಳುವ ನನ್ನ ವಿಶ್ವಾಸವು ನನ್ನ ಮತದಾರರಿಗಾಗಿ ನಾನು ಮಾಡಿದ ಕೆಲಸ ಮತ್ತು ರಾಷ್ಟ್ರೀಯ, ಜಾಗತಿಕ ಸಮಸ್ಯೆಗಳ ಬಗ್ಗೆ ನಾನು ತೆಗೆದುಕೊಂಡಿರುವ ನಿಲುವುಗಳಿಂದ ಉಂಟಾಗುತ್ತದೆ” ಎಂದು ತಿಳಿಸಿದರು. “ರಾಜಕೀಯ ಮತ್ತು ಅಭಿವೃದ್ಧಿಯ ಬಗ್ಗೆ ಚರ್ಚೆ ಮಾಡೋಣ. ಬೆಲೆ ಏರಿಕೆ, ನಿರುದ್ಯೋಗ, ಭ್ರಷ್ಟಾಚಾರ, ಕೋಮುವಾದ ಮತ್ತು ಬಿಜೆಪಿಯ 10 ವರ್ಷಗಳ ದುರ್ಬಲ ರಾಜಕಾರಣದ ಬಗ್ಗೆ ಚರ್ಚೆ ಮಾಡೋಣ. ತಿರುವನಂತಪುರಂನ ಅಭಿವೃದ್ಧಿ ಮತ್ತು ಕಳೆದ 15 ರಲ್ಲಿ ನಾವು ಮಾಡಿದ ಗಣನೀಯ ಪ್ರಗತಿಯ ಬಗ್ಗೆಯೂ ಚರ್ಚಿಸೋಣ” ಎಂದರು.
